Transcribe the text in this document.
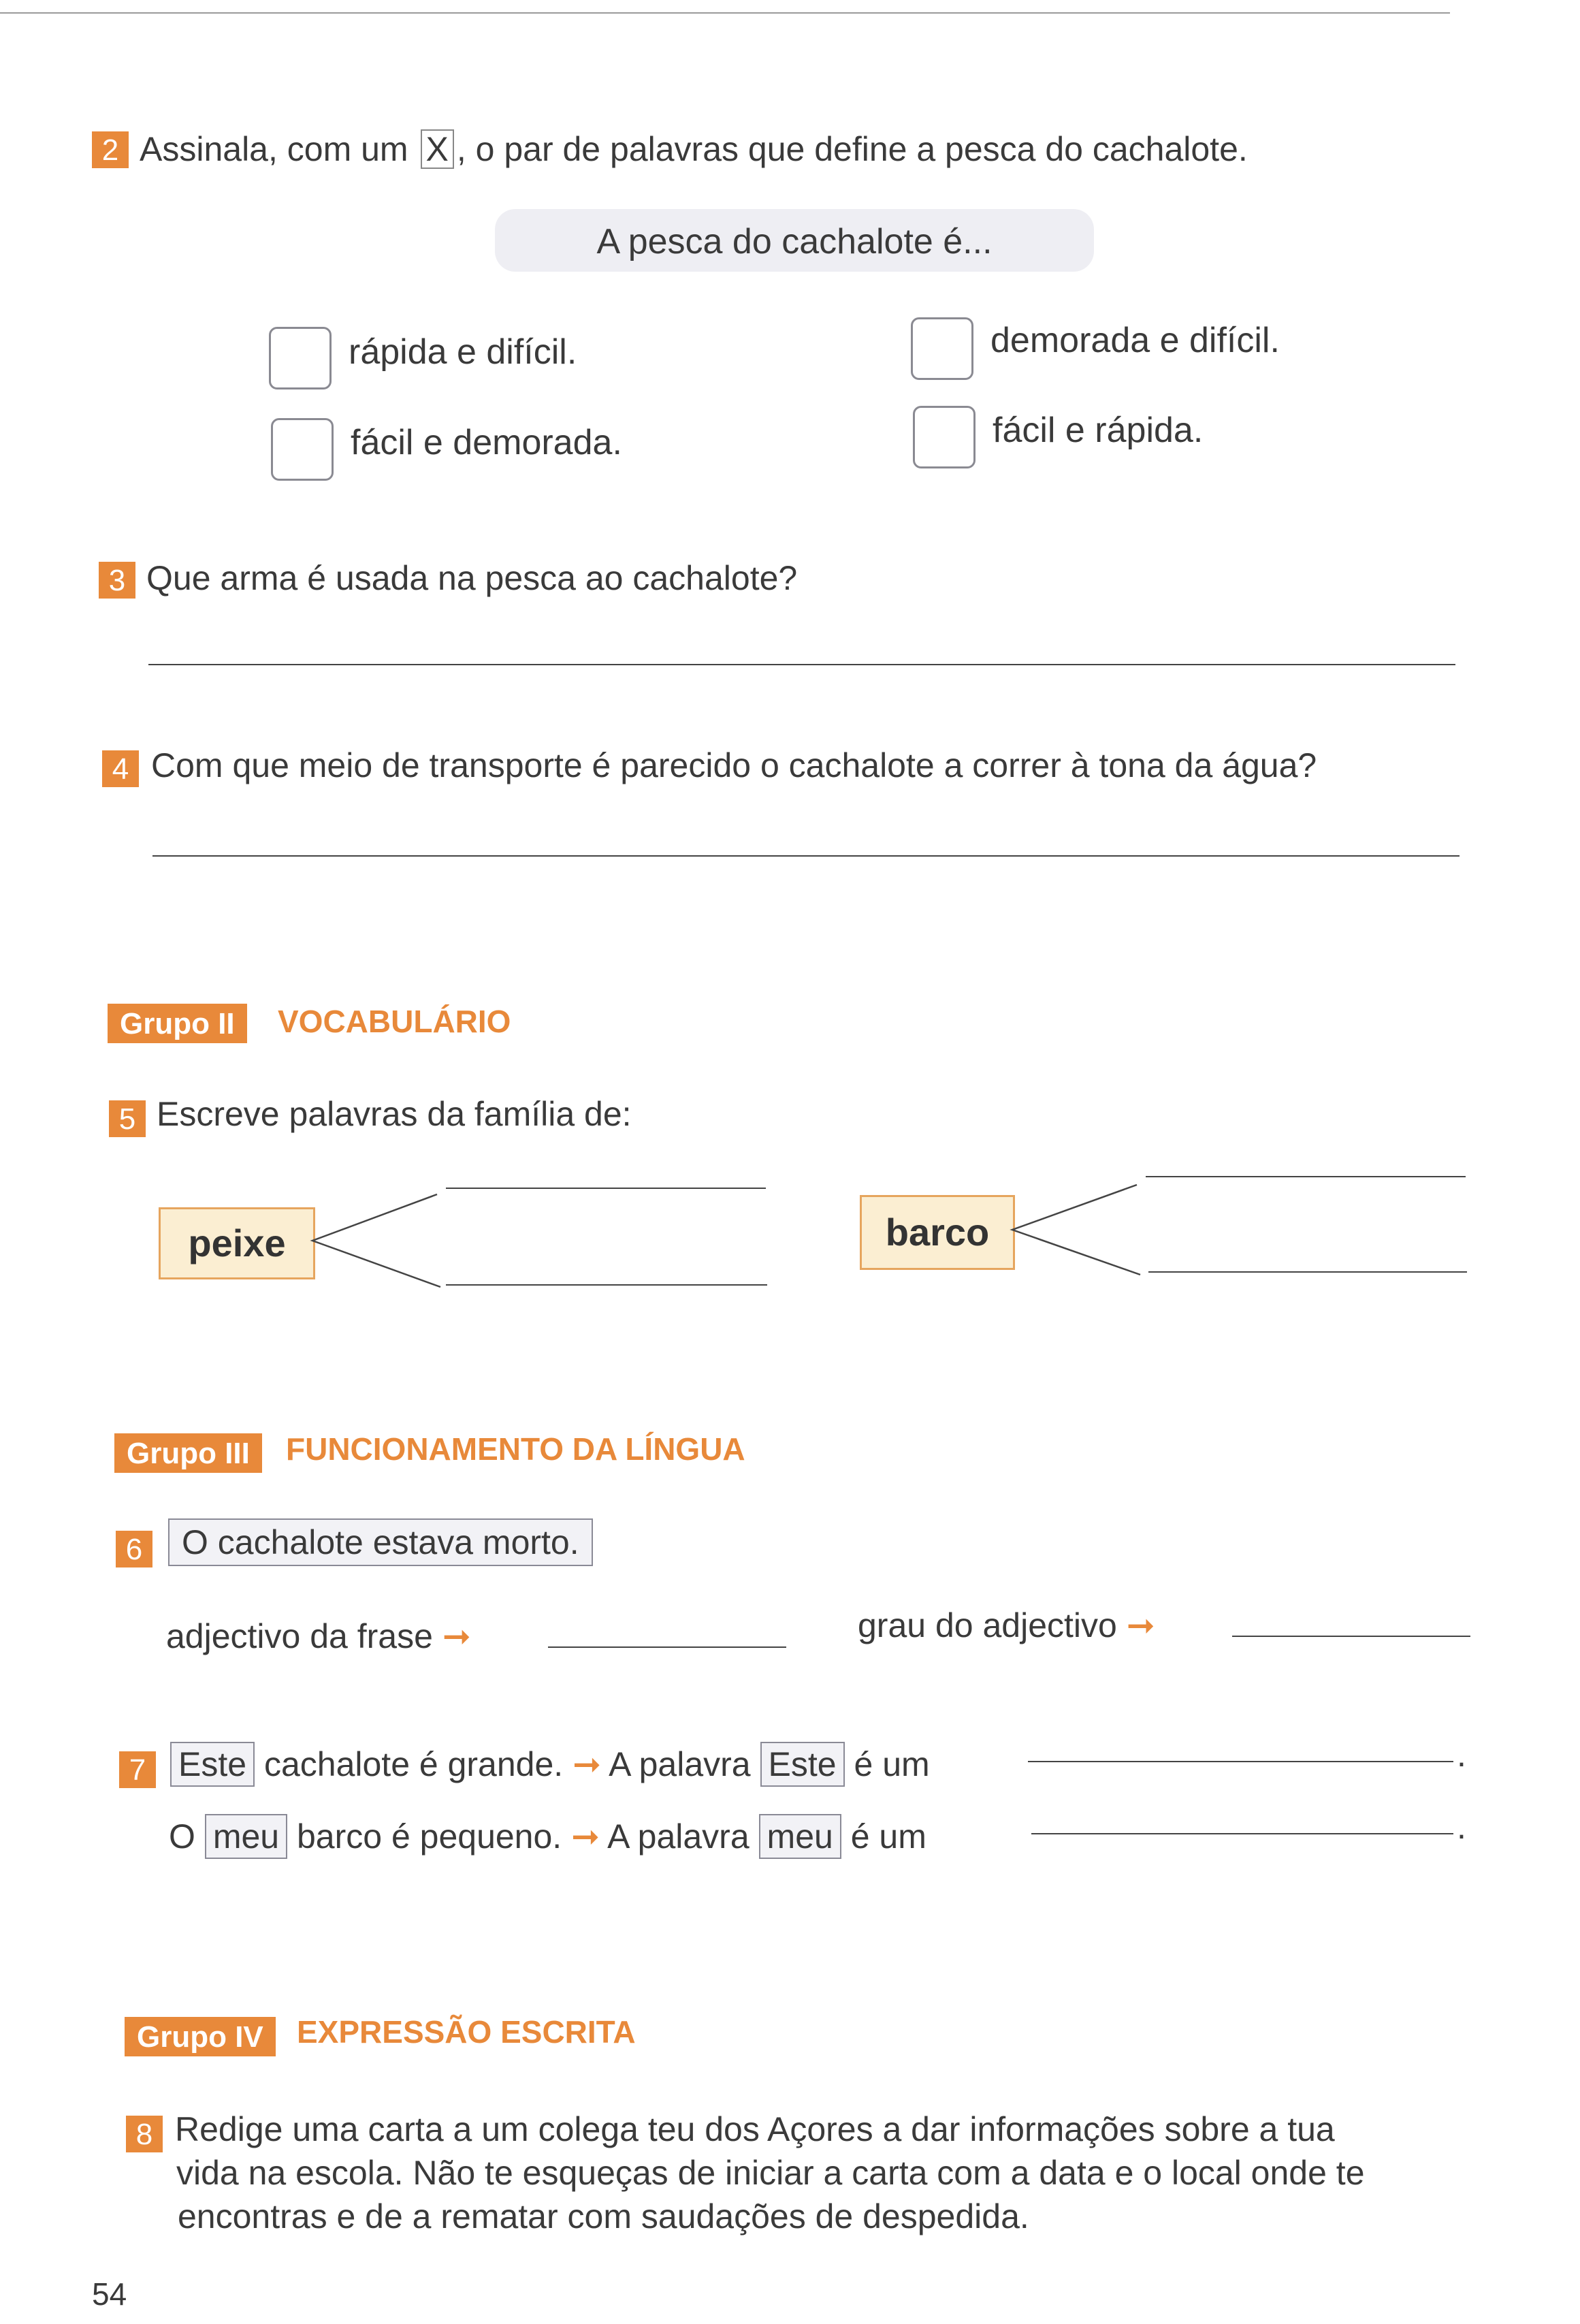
2 Assinala, com um X , o par de palavras que define a pesca do cachalote.
A pesca do cachalote é...
rápida e difícil.
fácil e demorada.
demorada e difícil.
fácil e rápida.
3 Que arma é usada na pesca ao cachalote?
4 Com que meio de transporte é parecido o cachalote a correr à tona da água?
Grupo II	VOCABULÁRIO
5 Escreve palavras da família de:
peixe	barco
Grupo III	FUNCIONAMENTO DA LÍNGUA
6	O cachalote estava morto.
adjectivo da frase ➞	grau do adjectivo ➞
7 Este cachalote é grande. ➞ A palavra Este é um	.
O meu barco é pequeno. ➞ A palavra meu é um	.
Grupo IV	EXPRESSÃO ESCRITA
8 Redige uma carta a um colega teu dos Açores a dar informações sobre a tua
vida na escola. Não te esqueças de iniciar a carta com a data e o local onde te
encontras e de a rematar com saudações de despedida.
54
